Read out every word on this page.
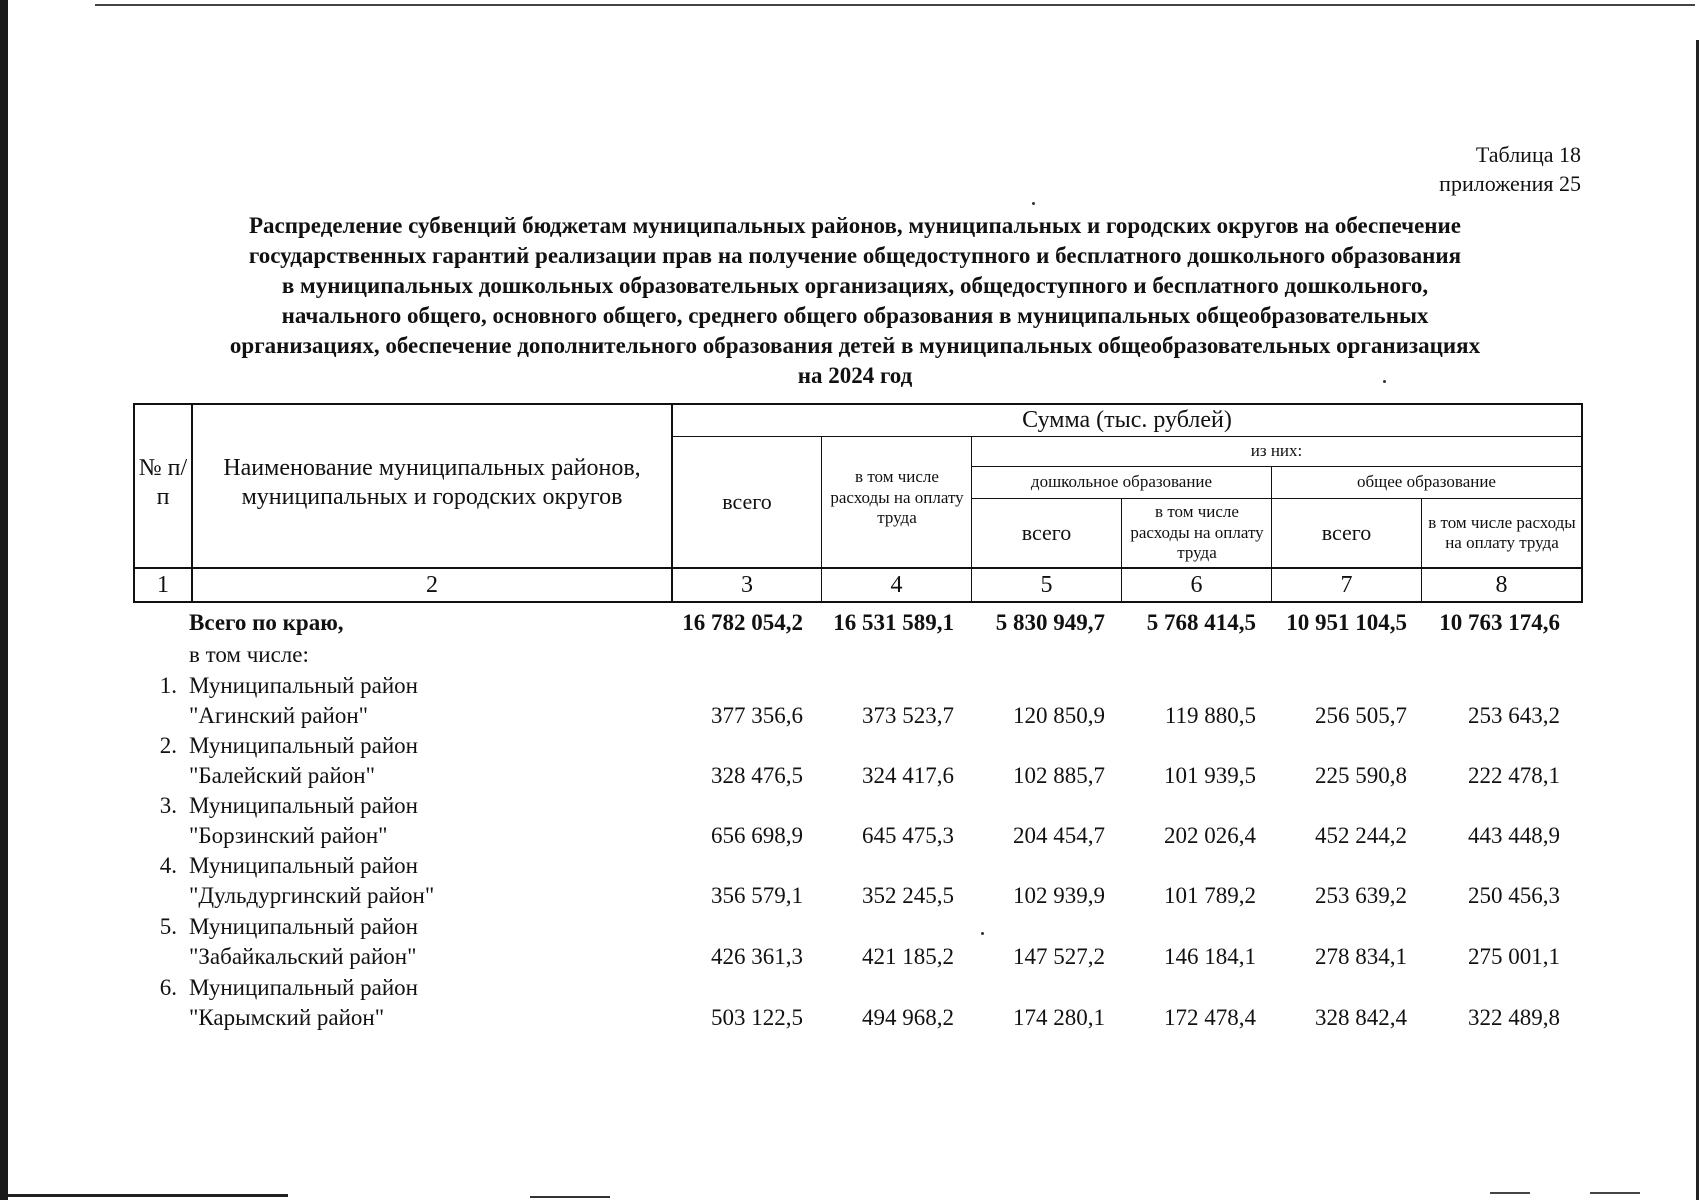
Таблица 18
приложения 25
Распределение субвенций бюджетам муниципальных районов, муниципальных и городских округов на обеспечение
государственных гарантий реализации прав на получение общедоступного и бесплатного дошкольного образования
в муниципальных дошкольных образовательных организациях, общедоступного и бесплатного дошкольного,
начального общего, основного общего, среднего общего образования в муниципальных общеобразовательных
организациях, обеспечение дополнительного образования детей в муниципальных общеобразовательных организациях
на 2024 год
№ п/п
Наименование муниципальных районов, муниципальных и городских округов
Сумма (тыс. рублей)
всего
в том числе расходы на оплату труда
из них:
дошкольное образование	общее образование
всего
в том числе расходы на оплату труда
всего	в том числе расходы на оплату труда
1	2	3	4	5	6	7	8
Всего по краю,	16 782 054,2	16 531 589,1	5 830 949,7	5 768 414,5	10 951 104,5	10 763 174,6
в том числе:
1. Муниципальный район
"Агинский район"	377 356,6	373 523,7	120 850,9	119 880,5	256 505,7	253 643,2
2. Муниципальный район
"Балейский район"	328 476,5	324 417,6	102 885,7	101 939,5	225 590,8	222 478,1
3. Муниципальный район
"Борзинский район"	656 698,9	645 475,3	204 454,7	202 026,4	452 244,2	443 448,9
4. Муниципальный район
"Дульдургинский район"	356 579,1	352 245,5	102 939,9	101 789,2	253 639,2	250 456,3
5. Муниципальный район
"Забайкальский район"	426 361,3	421 185,2	147 527,2	146 184,1	278 834,1	275 001,1
6. Муниципальный район
"Карымский район"	503 122,5	494 968,2	174 280,1	172 478,4	328 842,4	322 489,8
